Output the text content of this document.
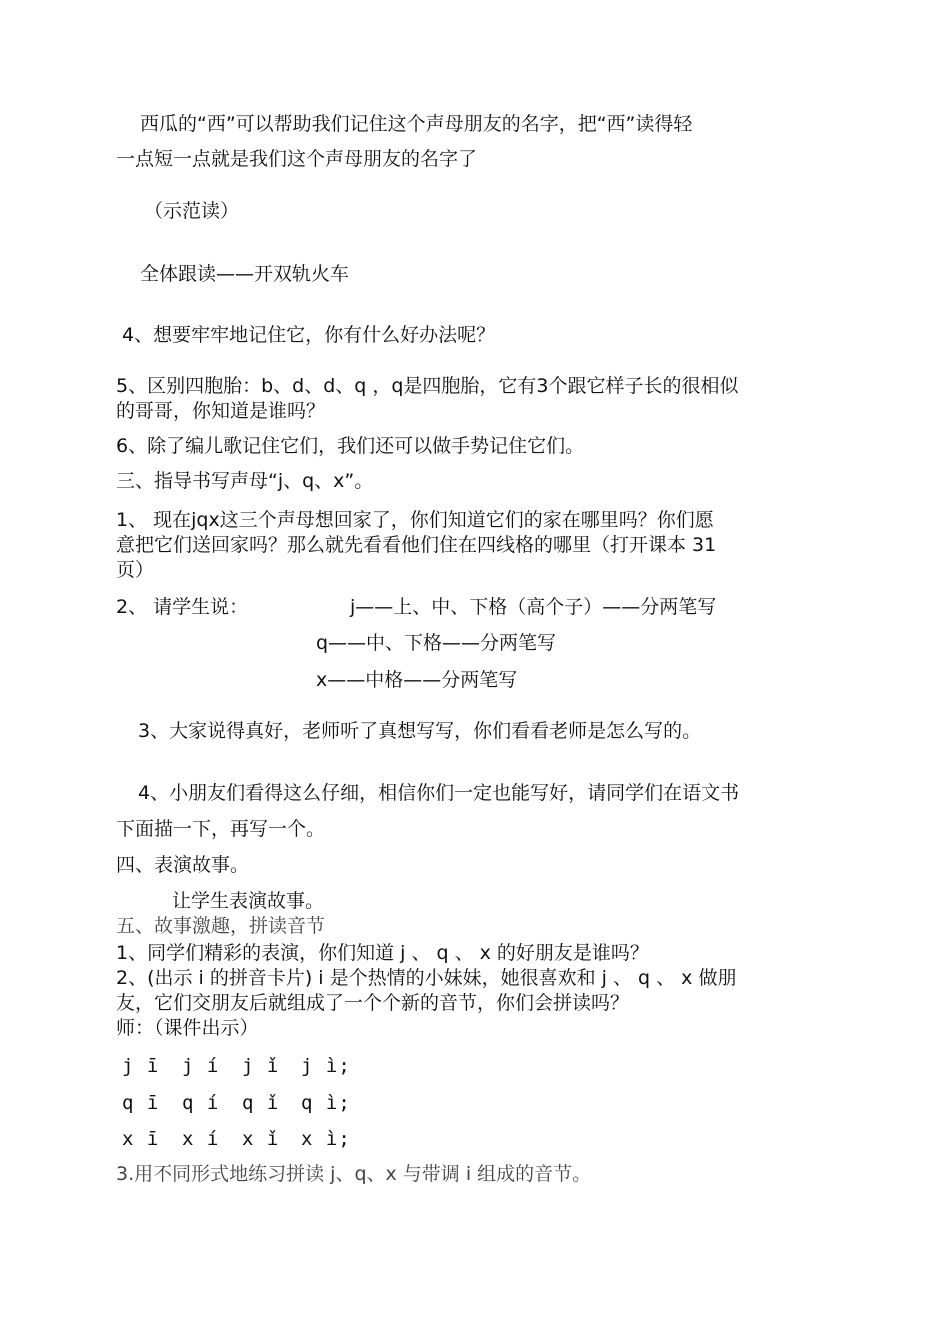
西瓜的“西”可以帮助我们记住这个声母朋友的名字，把“西”读得轻
一点短一点就是我们这个声母朋友的名字了
（示范读）
全体跟读——开双轨火车
4、想要牢牢地记住它，你有什么好办法呢？
5、区别四胞胎：b、d、d、q ，q是四胞胎，它有3个跟它样子长的很相似
的哥哥，你知道是谁吗？
6、除了编儿歌记住它们，我们还可以做手势记住它们。
三、指导书写声母“j、q、x”。
1、 现在jqx这三个声母想回家了，你们知道它们的家在哪里吗？你们愿
意把它们送回家吗？那么就先看看他们住在四线格的哪里（打开课本 31
页）
2、 请学生说：	j——上、中、下格（高个子）——分两笔写
q——中、下格——分两笔写
x——中格——分两笔写
3、大家说得真好，老师听了真想写写，你们看看老师是怎么写的。
4、小朋友们看得这么仔细，相信你们一定也能写好，请同学们在语文书
下面描一下，再写一个。
四、表演故事。
让学生表演故事。
五、故事激趣，拼读音节
1、同学们精彩的表演，你们知道 j 、 q 、 x 的好朋友是谁吗？
2、(出示 i 的拼音卡片) i 是个热情的小妹妹，她很喜欢和 j 、 q 、 x 做朋
友，它们交朋友后就组成了一个个新的音节，你们会拼读吗？
师：（课件出示）
j ī j í j ǐ j ì;
q ī q í q ǐ q ì;
x ī x í x ǐ x ì;
3.用不同形式地练习拼读 j、q、x 与带调 i 组成的音节。
